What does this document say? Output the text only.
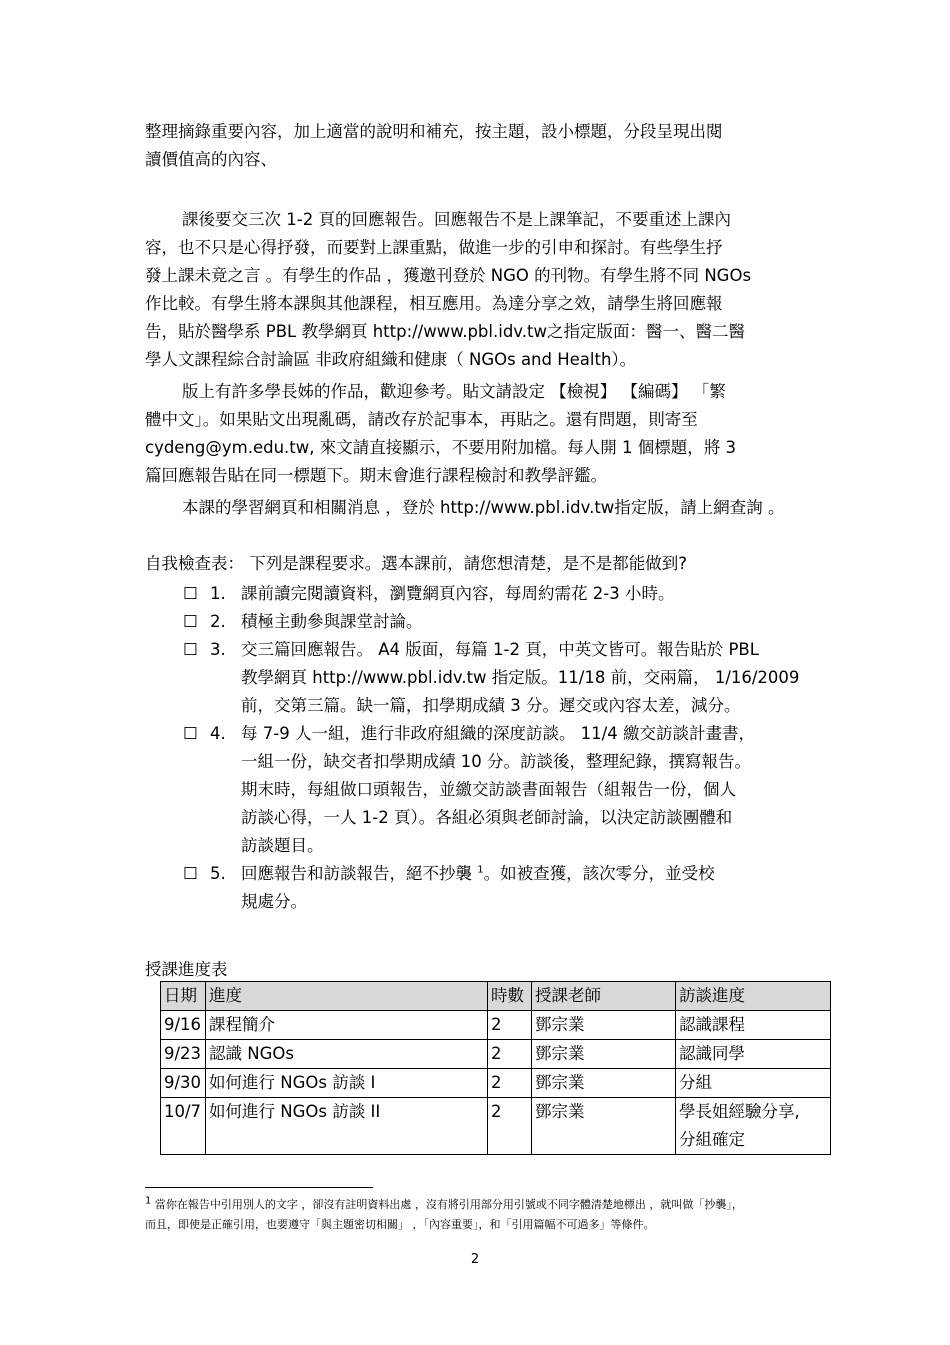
整理摘錄重要內容，加上適當的說明和補充，按主題，設小標題，分段呈現出閱
讀價值高的內容、
課後要交三次 1-2 頁的回應報告。回應報告不是上課筆記，不要重述上課內
容，也不只是心得抒發，而要對上課重點，做進一步的引申和探討。有些學生抒
發上課未竟之言 。有學生的作品 ，獲邀刊登於 NGO 的刊物。有學生將不同 NGOs
作比較。有學生將本課與其他課程，相互應用。為達分享之效，請學生將回應報
告，貼於醫學系 PBL 教學網頁 http://www.pbl.idv.tw之指定版面：醫一、醫二醫
學人文課程綜合討論區 非政府組織和健康（ NGOs and Health）。
版上有許多學長姊的作品，歡迎參考。貼文請設定 【檢視】 【編碼】 「繁
體中文」。如果貼文出現亂碼，請改存於記事本，再貼之。還有問題，則寄至
cydeng@ym.edu.tw, 來文請直接顯示，不要用附加檔。每人開 1 個標題，將 3
篇回應報告貼在同一標題下。期末會進行課程檢討和教學評鑑。
本課的學習網頁和相關消息 ，登於 http://www.pbl.idv.tw指定版，請上網查詢 。
自我檢查表： 下列是課程要求。選本課前，請您想清楚，是不是都能做到?
☐ 1. 課前讀完閱讀資料，瀏覽網頁內容，每周約需花 2-3 小時。
☐ 2. 積極主動參與課堂討論。
☐ 3. 交三篇回應報告。 A4 版面，每篇 1-2 頁，中英文皆可。報告貼於 PBL
教學網頁 http://www.pbl.idv.tw 指定版。11/18 前，交兩篇， 1/16/2009
前，交第三篇。缺一篇，扣學期成績 3 分。遲交或內容太差，減分。
☐ 4. 每 7-9 人一組，進行非政府組織的深度訪談。 11/4 繳交訪談計畫書，
一組一份，缺交者扣學期成績 10 分。訪談後，整理紀錄，撰寫報告。
期末時，每組做口頭報告，並繳交訪談書面報告（組報告一份，個人
訪談心得，一人 1-2 頁）。各組必須與老師討論，以決定訪談團體和
訪談題目。
☐ 5. 回應報告和訪談報告，絕不抄襲 $^1$。如被查獲，該次零分，並受校
規處分。
授課進度表
日期	進度	時數	授課老師	訪談進度
9/16	課程簡介	2	鄧宗業	認識課程
9/23	認識 NGOs	2	鄧宗業	認識同學
9/30	如何進行 NGOs 訪談 I	2	鄧宗業	分組
10/7	如何進行 NGOs 訪談 II	2	鄧宗業	學長姐經驗分享,
分組確定
$^1$ 當你在報告中引用別人的文字 ，卻沒有註明資料出處 ，沒有將引用部分用引號或不同字體清楚地標出 ，就叫做「抄襲」，
而且，即使是正確引用，也要遵守「與主題密切相關」 ，「內容重要」，和「引用篇幅不可過多」等條件。
2
